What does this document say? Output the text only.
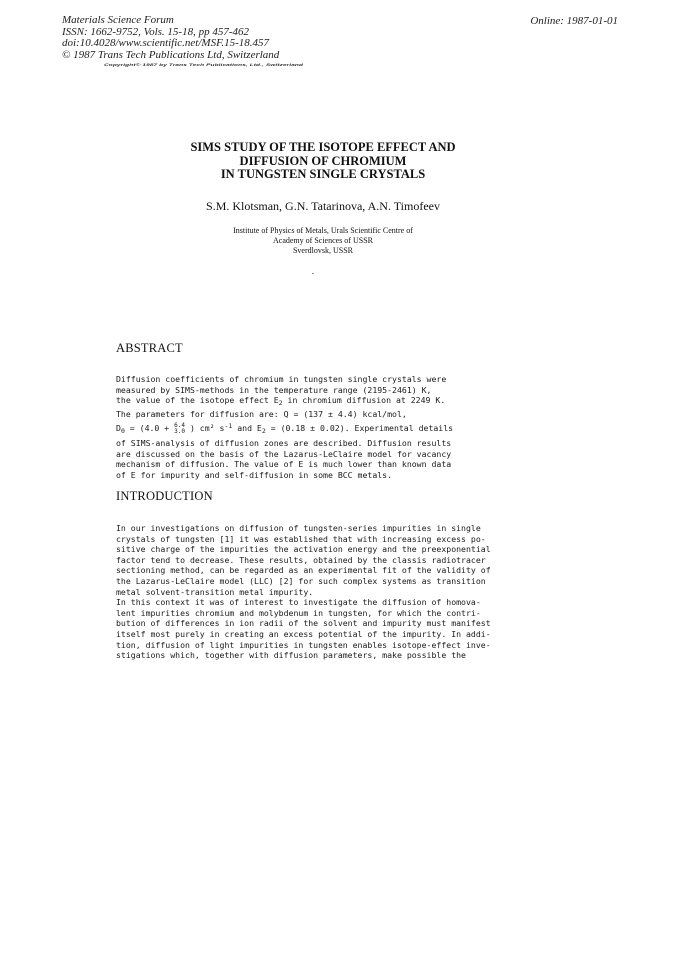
Materials Science Forum
ISSN: 1662-9752, Vols. 15-18, pp 457-462
doi:10.4028/www.scientific.net/MSF.15-18.457
© 1987 Trans Tech Publications Ltd, Switzerland
Online: 1987-01-01
Copyright© 1987 by Trans Tech Publications, Ltd., Switzerland
SIMS STUDY OF THE ISOTOPE EFFECT AND
DIFFUSION OF CHROMIUM
IN TUNGSTEN SINGLE CRYSTALS
S.M. Klotsman, G.N. Tatarinova, A.N. Timofeev
Institute of Physics of Metals, Urals Scientific Centre of
Academy of Sciences of USSR
Sverdlovsk, USSR
ABSTRACT
Diffusion coefficients of chromium in tungsten single crystals were
measured by SIMS-methods in the temperature range (2195-2461) K,
the value of the isotope effect $E_2$ in chromium diffusion at 2249 K.
The parameters for diffusion are: Q = (137 ± 4.4) kcal/mol,
$D_0 = (4.0 + 6.4$
3.0 ) cm² $s^{-1}$ and $E_2 = (0.18 \pm 0.02)$. Experimental details
of SIMS-analysis of diffusion zones are described. Diffusion results
are discussed on the basis of the Lazarus-LeClaire model for vacancy
mechanism of diffusion. The value of E is much lower than known data
of E for impurity and self-diffusion in some BCC metals.
INTRODUCTION
In our investigations on diffusion of tungsten-series impurities in single
crystals of tungsten [1] it was established that with increasing excess po-
sitive charge of the impurities the activation energy and the preexponential
factor tend to decrease. These results, obtained by the classis radiotracer
sectioning method, can be regarded as an experimental fit of the validity of
the Lazarus-LeClaire model (LLC) [2] for such complex systems as transition
metal solvent-transition metal impurity.
In this context it was of interest to investigate the diffusion of homova-
lent impurities chromium and molybdenum in tungsten, for which the contri-
bution of differences in ion radii of the solvent and impurity must manifest
itself most purely in creating an excess potential of the impurity. In addi-
tion, diffusion of light impurities in tungsten enables isotope-effect inve-
stigations which, together with diffusion parameters, make possible the
